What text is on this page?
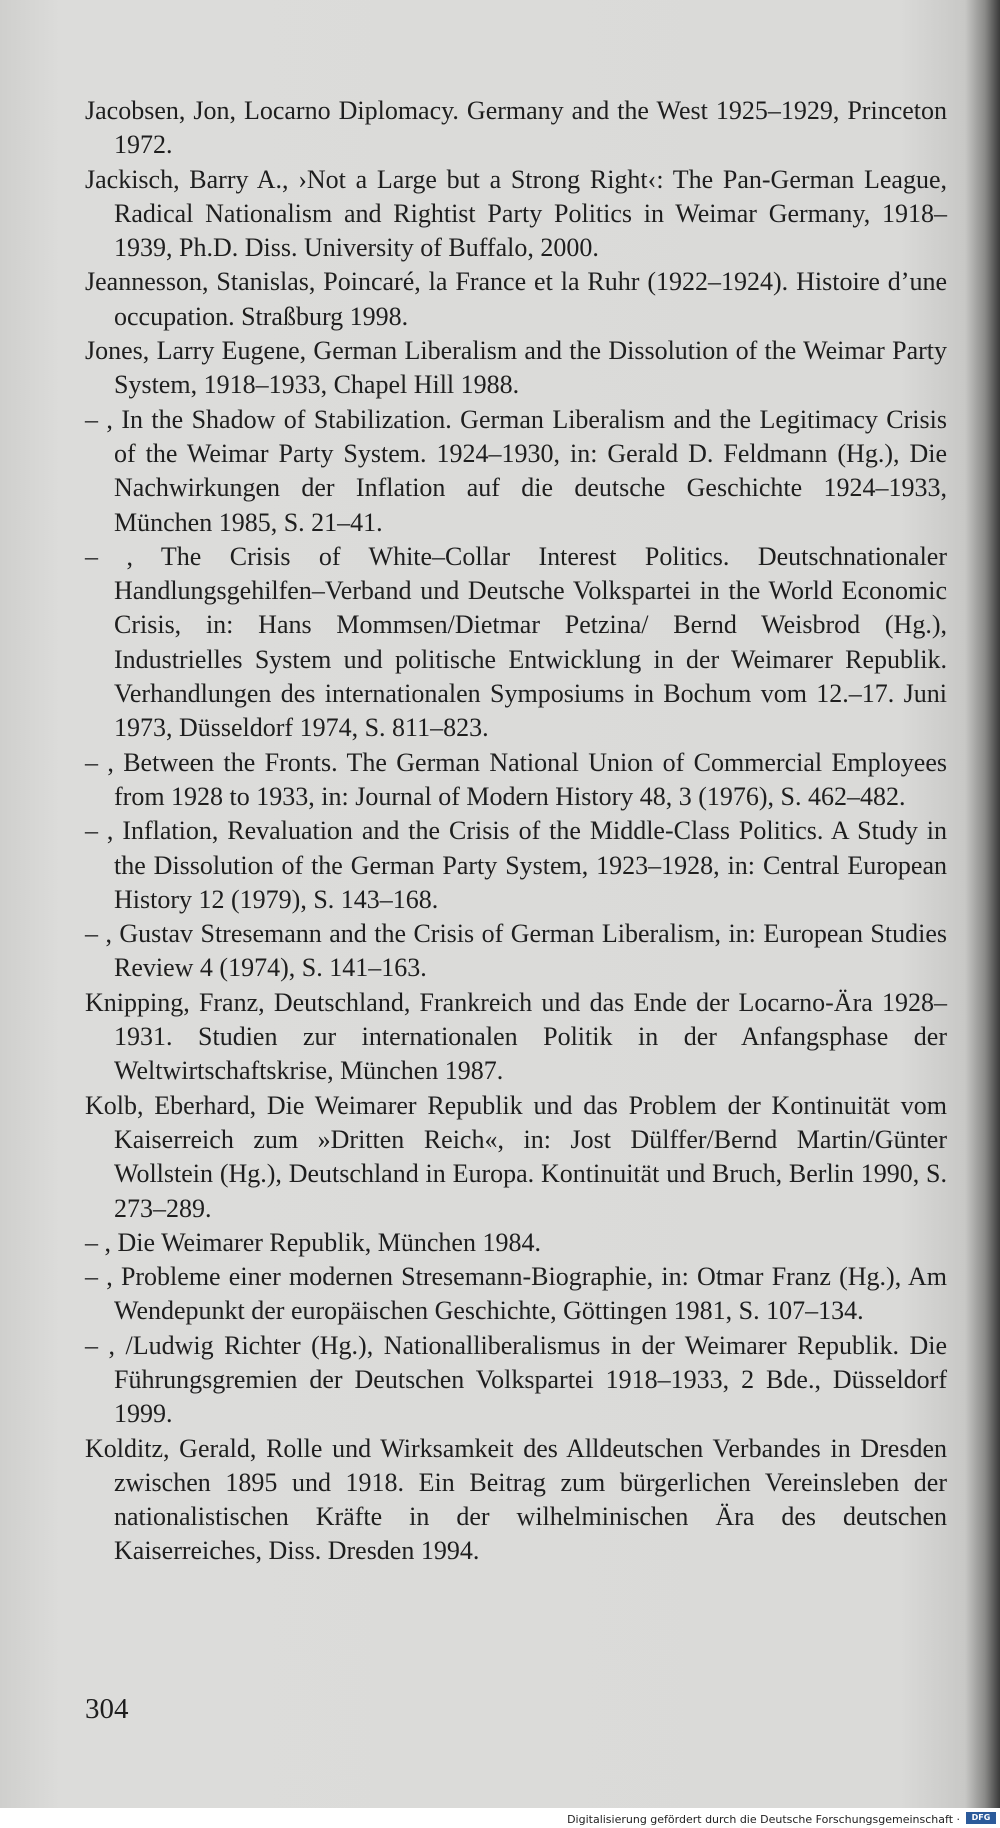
Jacobsen, Jon, Locarno Diplomacy. Germany and the West 1925–1929, Princeton 1972.
Jackisch, Barry A., ›Not a Large but a Strong Right‹: The Pan-German League, Radical Nationalism and Rightist Party Politics in Weimar Germany, 1918–1939, Ph.D. Diss. University of Buffalo, 2000.
Jeannesson, Stanislas, Poincaré, la France et la Ruhr (1922–1924). Histoire d’une occupation. Straßburg 1998.
Jones, Larry Eugene, German Liberalism and the Dissolution of the Weimar Party System, 1918–1933, Chapel Hill 1988.
– , In the Shadow of Stabilization. German Liberalism and the Legitimacy Crisis of the Weimar Party System. 1924–1930, in: Gerald D. Feldmann (Hg.), Die Nachwirkungen der Inflation auf die deutsche Geschichte 1924–1933, München 1985, S. 21–41.
– , The Crisis of White–Collar Interest Politics. Deutschnationaler Handlungsgehilfen–Verband und Deutsche Volkspartei in the World Economic Crisis, in: Hans Mommsen/Dietmar Petzina/ Bernd Weisbrod (Hg.), Industrielles System und politische Entwicklung in der Weimarer Republik. Verhandlungen des internationalen Symposiums in Bochum vom 12.–17. Juni 1973, Düsseldorf 1974, S. 811–823.
– , Between the Fronts. The German National Union of Commercial Employees from 1928 to 1933, in: Journal of Modern History 48, 3 (1976), S. 462–482.
– , Inflation, Revaluation and the Crisis of the Middle-Class Politics. A Study in the Dissolution of the German Party System, 1923–1928, in: Central European History 12 (1979), S. 143–168.
– , Gustav Stresemann and the Crisis of German Liberalism, in: European Studies Review 4 (1974), S. 141–163.
Knipping, Franz, Deutschland, Frankreich und das Ende der Locarno-Ära 1928–1931. Studien zur internationalen Politik in der Anfangsphase der Weltwirtschaftskrise, München 1987.
Kolb, Eberhard, Die Weimarer Republik und das Problem der Kontinuität vom Kaiserreich zum »Dritten Reich«, in: Jost Dülffer/Bernd Martin/Günter Wollstein (Hg.), Deutschland in Europa. Kontinuität und Bruch, Berlin 1990, S. 273–289.
– , Die Weimarer Republik, München 1984.
– , Probleme einer modernen Stresemann-Biographie, in: Otmar Franz (Hg.), Am Wendepunkt der europäischen Geschichte, Göttingen 1981, S. 107–134.
– , /Ludwig Richter (Hg.), Nationalliberalismus in der Weimarer Republik. Die Führungsgremien der Deutschen Volkspartei 1918–1933, 2 Bde., Düsseldorf 1999.
Kolditz, Gerald, Rolle und Wirksamkeit des Alldeutschen Verbandes in Dresden zwischen 1895 und 1918. Ein Beitrag zum bürgerlichen Vereinsleben der nationalistischen Kräfte in der wilhelminischen Ära des deutschen Kaiserreiches, Diss. Dresden 1994.
304
Digitalisierung gefördert durch die Deutsche Forschungsgemeinschaft ·	DFG
